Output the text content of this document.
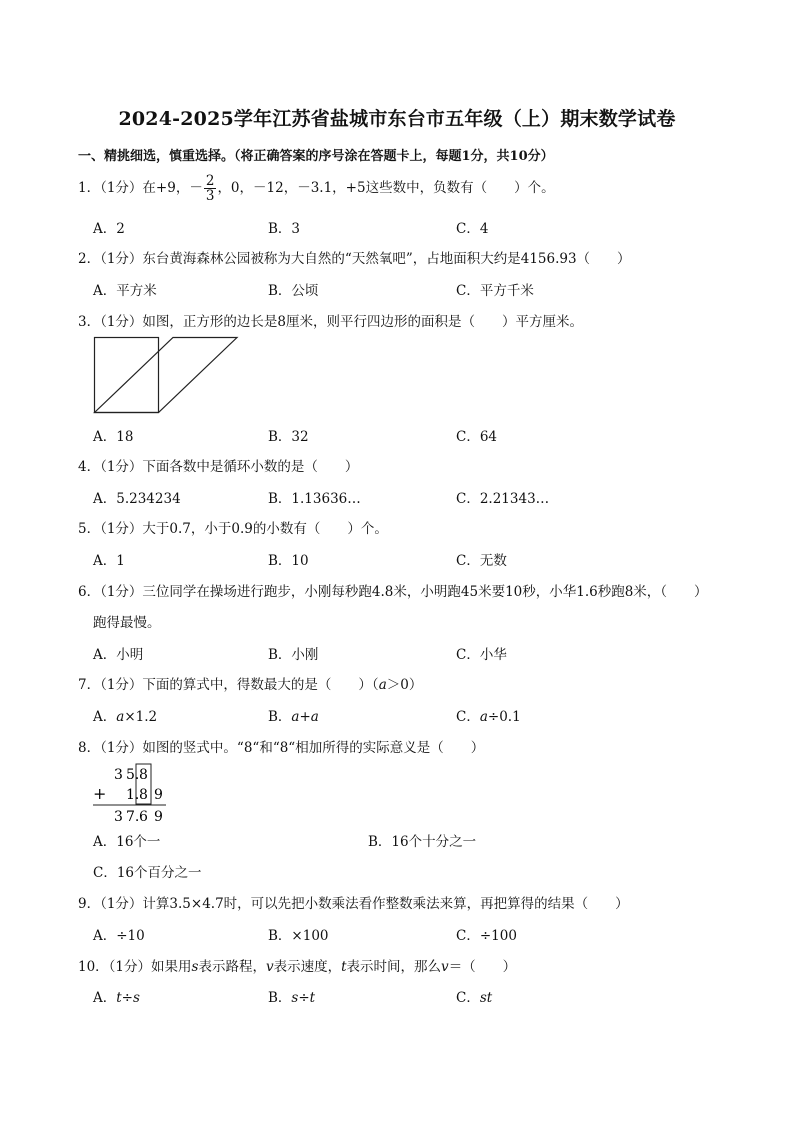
2024-2025学年江苏省盐城市东台市五年级（上）期末数学试卷
一、精挑细选，慎重选择。（将正确答案的序号涂在答题卡上，每题1分，共10分）
1．（1分）在+9，－ $\frac{2}{3}$ ，0，－12，－3.1，+5这些数中，负数有（　　）个。
A．2	B．3	C．4
2．（1分）东台黄海森林公园被称为大自然的“天然氧吧”，占地面积大约是4156.93（　　）
A．平方米	B．公顷	C．平方千米
3．（1分）如图，正方形的边长是8厘米，则平行四边形的面积是（　　）平方厘米。
A．18	B．32	C．64
4．（1分）下面各数中是循环小数的是（　　）
A．5.234234	B．1.13636…	C．2.21343…
5．（1分）大于0.7，小于0.9的小数有（　　）个。
A．1	B．10	C．无数
6．（1分）三位同学在操场进行跑步，小刚每秒跑4.8米，小明跑45米要10秒，小华1.6秒跑8米，（　　）
跑得最慢。
A．小明	B．小刚	C．小华
7．（1分）下面的算式中，得数最大的是（　　）（a＞0）
A．a×1.2	B．a+a	C．a÷0.1
8．（1分）如图的竖式中。“8“和“8“相加所得的实际意义是（　　）
3 5. 8
+ 1. 8 9
3 7. 6 9
A．16个一	B．16个十分之一
C．16个百分之一
9．（1分）计算3.5×4.7时，可以先把小数乘法看作整数乘法来算，再把算得的结果（　　）
A．÷10	B．×100	C．÷100
10．（1分）如果用s表示路程，v表示速度，t表示时间，那么v＝（　　）
A．t÷s	B．s÷t	C．st
